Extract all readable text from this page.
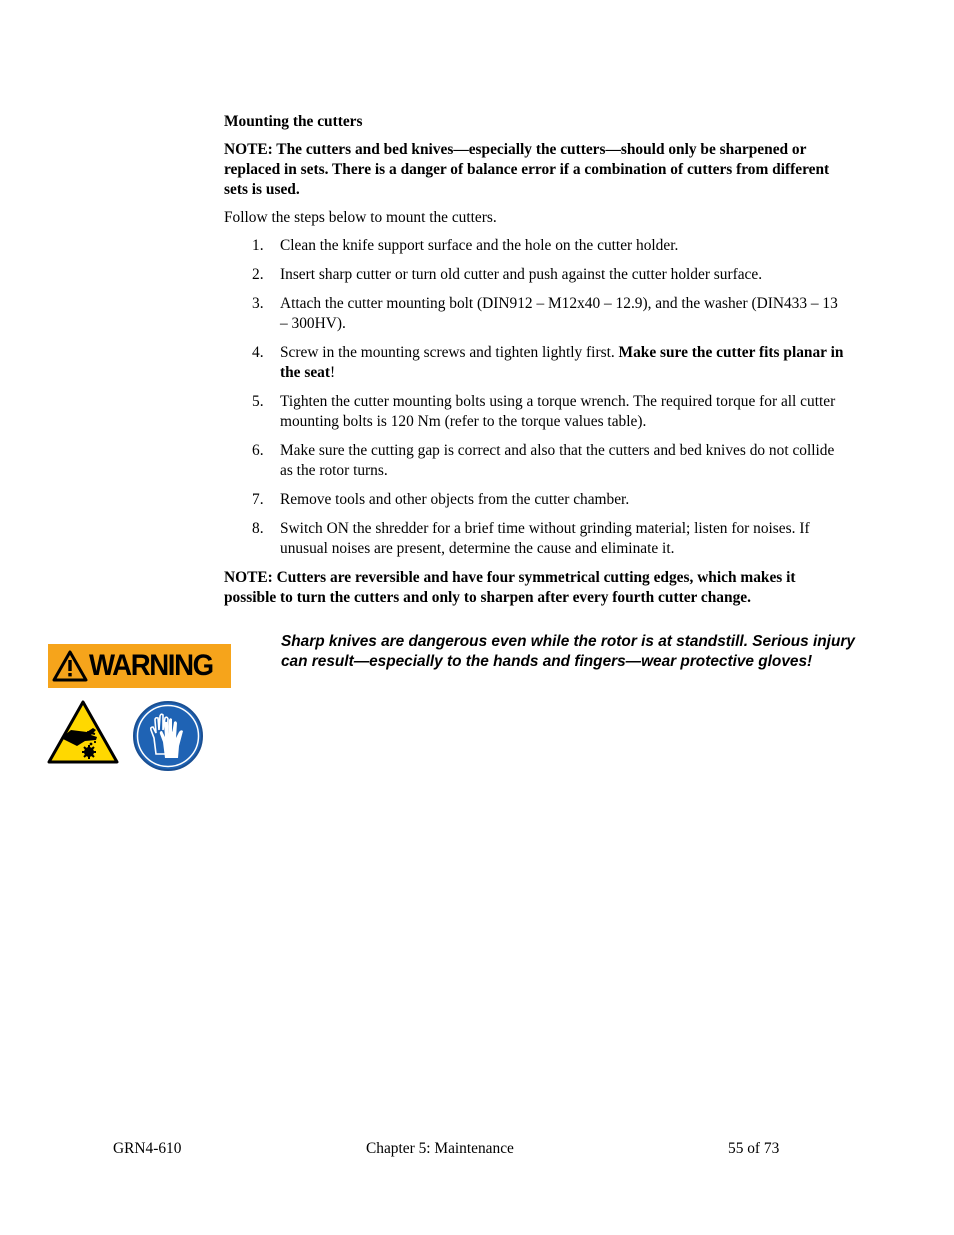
Mounting the cutters

NOTE: The cutters and bed knives—especially the cutters—should only be sharpened or replaced in sets. There is a danger of balance error if a combination of cutters from different sets is used.

Follow the steps below to mount the cutters.

1. Clean the knife support surface and the hole on the cutter holder.
2. Insert sharp cutter or turn old cutter and push against the cutter holder surface.
3. Attach the cutter mounting bolt (DIN912 – M12x40 – 12.9), and the washer (DIN433 – 13 – 300HV).
4. Screw in the mounting screws and tighten lightly first. Make sure the cutter fits planar in the seat!
5. Tighten the cutter mounting bolts using a torque wrench. The required torque for all cutter mounting bolts is 120 Nm (refer to the torque values table).
6. Make sure the cutting gap is correct and also that the cutters and bed knives do not collide as the rotor turns.
7. Remove tools and other objects from the cutter chamber.
8. Switch ON the shredder for a brief time without grinding material; listen for noises. If unusual noises are present, determine the cause and eliminate it.

NOTE: Cutters are reversible and have four symmetrical cutting edges, which makes it possible to turn the cutters and only to sharpen after every fourth cutter change.

WARNING
Sharp knives are dangerous even while the rotor is at standstill. Serious injury can result—especially to the hands and fingers—wear protective gloves!
GRN4-610	Chapter 5: Maintenance	55 of 73
